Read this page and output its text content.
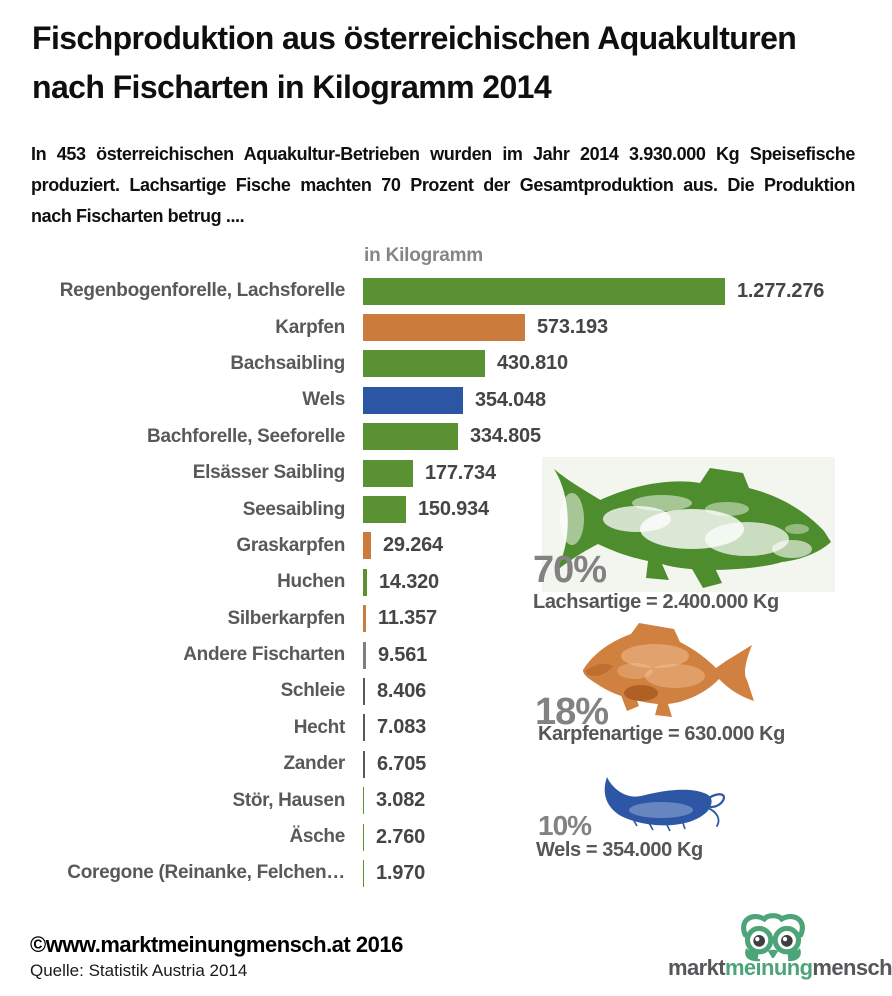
Fischproduktion aus österreichischen Aquakulturen
nach Fischarten in Kilogramm 2014
In 453 österreichischen Aquakultur-Betrieben wurden im Jahr 2014 3.930.000 Kg Speisefische
produziert. Lachsartige Fische machten 70 Prozent der Gesamtproduktion aus. Die Produktion
nach Fischarten betrug ....
in Kilogramm
Regenbogenforelle, Lachsforelle	1.277.276
Karpfen	573.193
Bachsaibling	430.810
Wels	354.048
Bachforelle, Seeforelle	334.805
Elsässer Saibling	177.734
Seesaibling	150.934
Graskarpfen 29.264
Huchen 14.320
Silberkarpfen 11.357
Andere Fischarten 9.561
Schleie 8.406
Hecht 7.083
Zander 6.705
Stör, Hausen 3.082
Äsche 2.760
Coregone (Reinanke, Felchen… 1.970
70%
Lachsartige = 2.400.000 Kg
18%
Karpfenartige = 630.000 Kg
10%
Wels = 354.000 Kg
©www.marktmeinungmensch.at 2016
Quelle: Statistik Austria 2014	marktmeinungmensch
